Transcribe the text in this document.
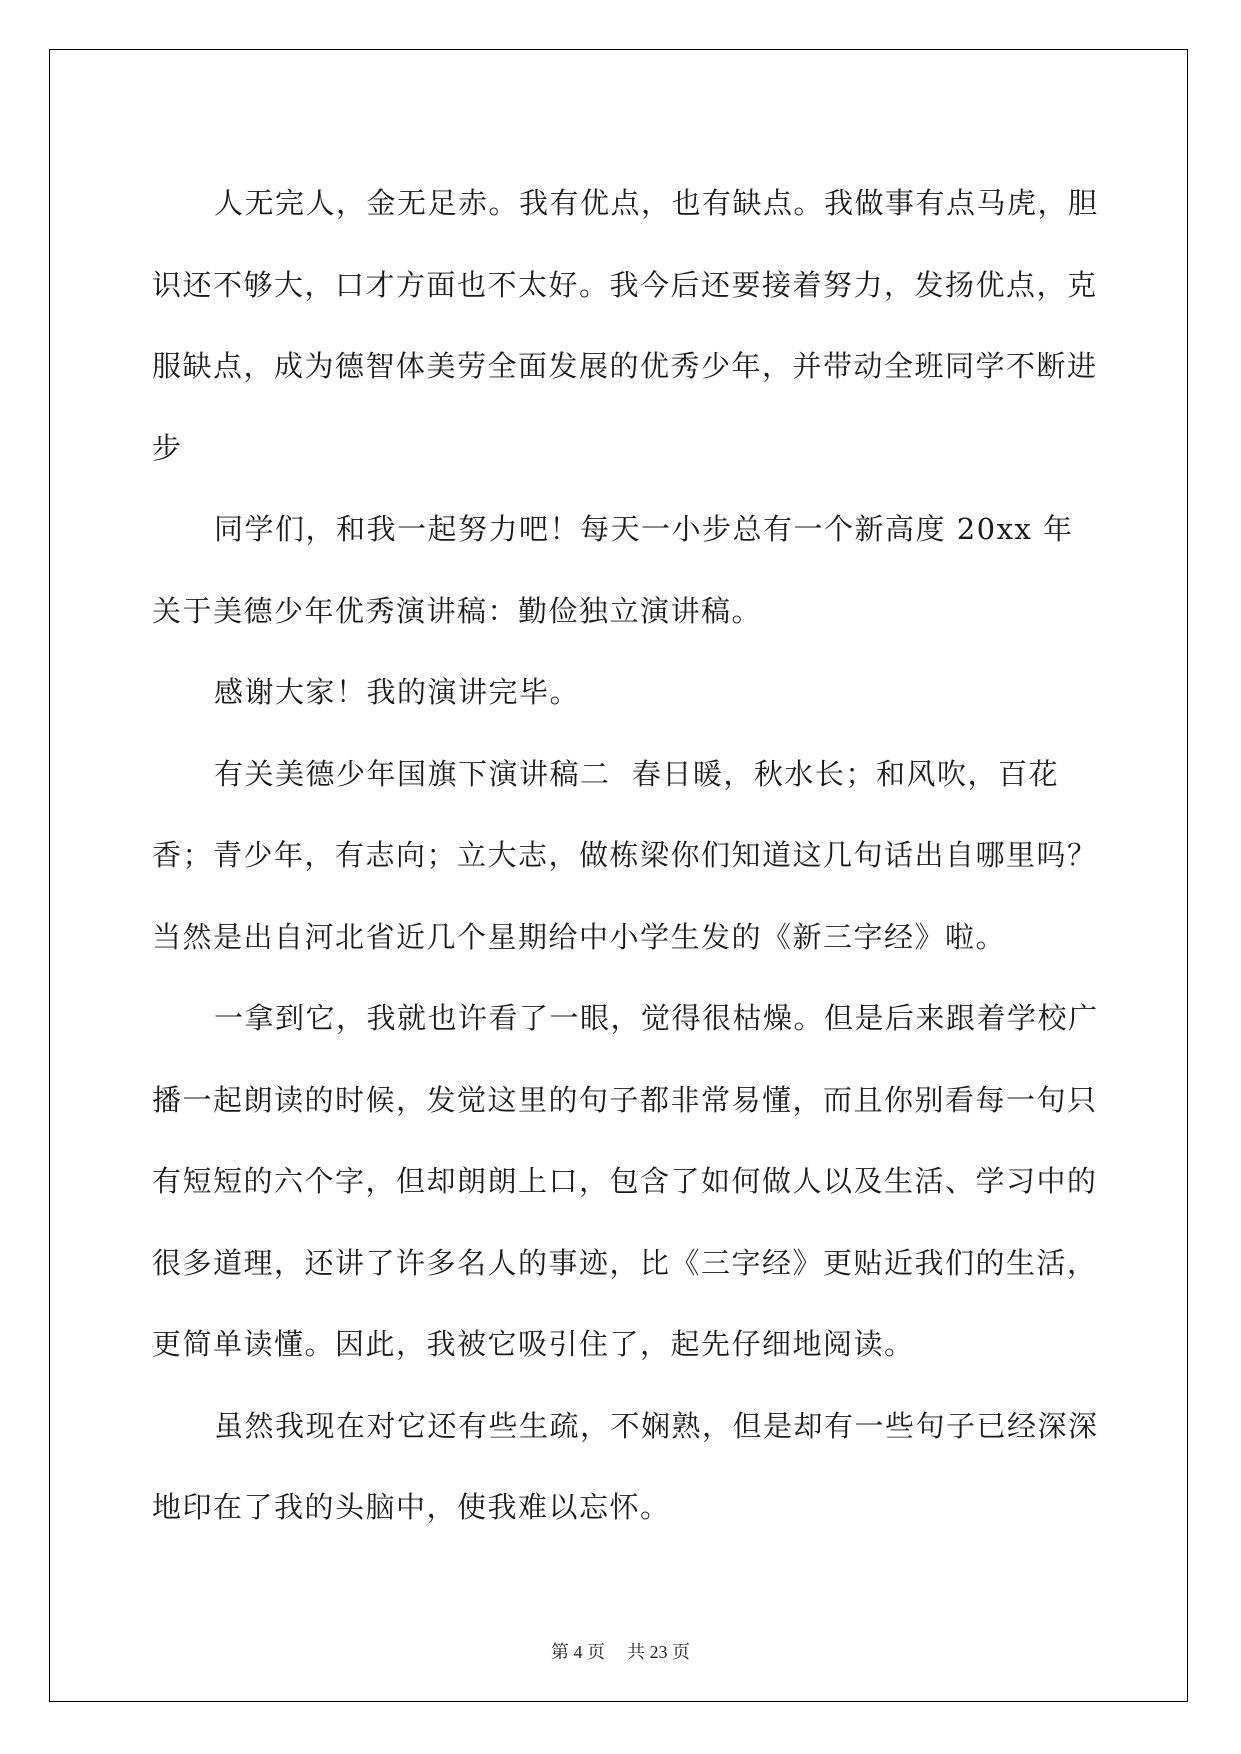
人无完人，金无足赤。我有优点，也有缺点。我做事有点马虎，胆识还不够大，口才方面也不太好。我今后还要接着努力，发扬优点，克服缺点，成为德智体美劳全面发展的优秀少年，并带动全班同学不断进步

同学们，和我一起努力吧！每天一小步总有一个新高度 20xx 年关于美德少年优秀演讲稿：勤俭独立演讲稿。

感谢大家！我的演讲完毕。

有关美德少年国旗下演讲稿二  春日暖，秋水长；和风吹，百花香；青少年，有志向；立大志，做栋梁你们知道这几句话出自哪里吗？当然是出自河北省近几个星期给中小学生发的《新三字经》啦。

一拿到它，我就也许看了一眼，觉得很枯燥。但是后来跟着学校广播一起朗读的时候，发觉这里的句子都非常易懂，而且你别看每一句只有短短的六个字，但却朗朗上口，包含了如何做人以及生活、学习中的很多道理，还讲了许多名人的事迹，比《三字经》更贴近我们的生活，更简单读懂。因此，我被它吸引住了，起先仔细地阅读。

虽然我现在对它还有些生疏，不娴熟，但是却有一些句子已经深深地印在了我的头脑中，使我难以忘怀。

第 4 页 共 23 页
